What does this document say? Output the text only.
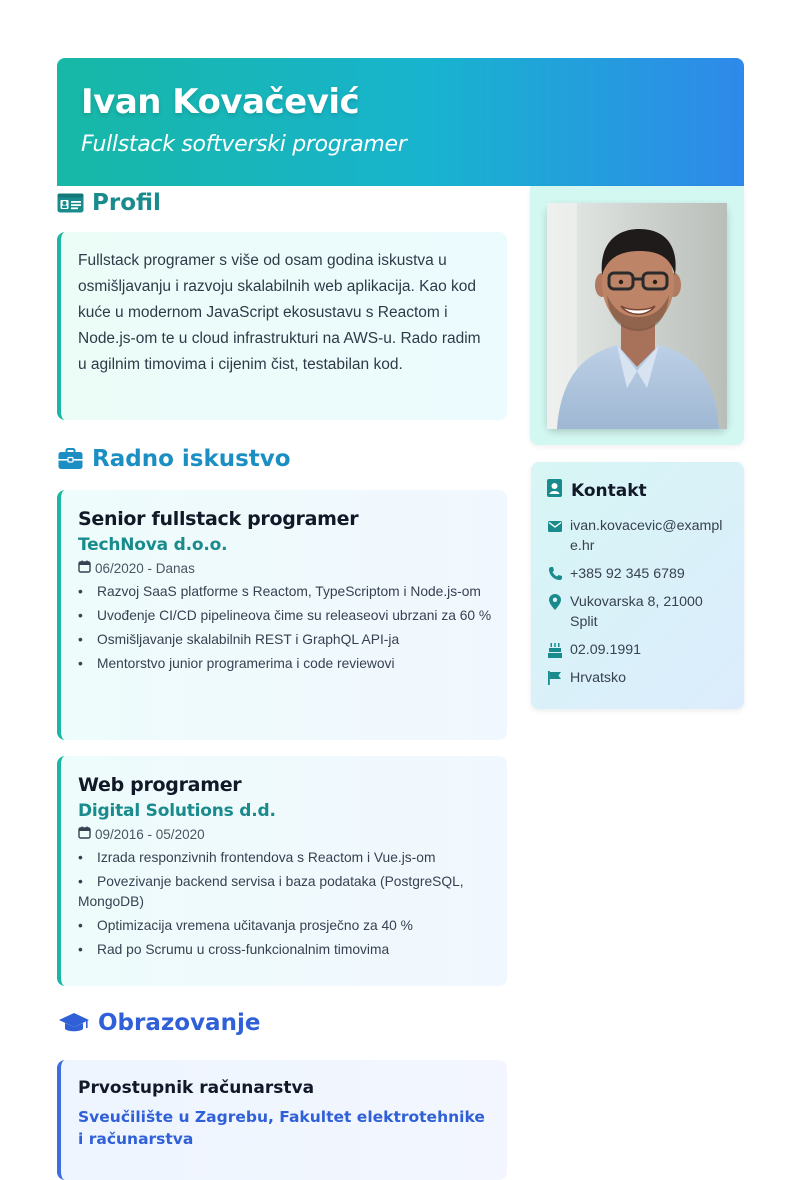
Ivan Kovačević
Fullstack softverski programer
Profil

Fullstack programer s više od osam godina iskustva u osmišljavanju i razvoju skalabilnih web aplikacija. Kao kod kuće u modernom JavaScript ekosustavu s Reactom i Node.js-om te u cloud infrastrukturi na AWS-u. Rado radim u agilnim timovima i cijenim čist, testabilan kod.

Radno iskustvo
Senior fullstack programer
TechNova d.o.o.
06/2020 - Danas
• Razvoj SaaS platforme s Reactom, TypeScriptom i Node.js-om
• Uvođenje CI/CD pipelineova čime su releaseovi ubrzani za 60 %
• Osmišljavanje skalabilnih REST i GraphQL API-ja
• Mentorstvo junior programerima i code reviewovi
Web programer
Digital Solutions d.d.
09/2016 - 05/2020
• Izrada responzivnih frontendova s Reactom i Vue.js-om
• Povezivanje backend servisa i baza podataka (PostgreSQL, MongoDB)
• Optimizacija vremena učitavanja prosječno za 40 %
• Rad po Scrumu u cross-funkcionalnim timovima
Obrazovanje
Prvostupnik računarstva
Sveučilište u Zagrebu, Fakultet elektrotehnike i računarstva
Kontakt
ivan.kovacevic@example.hr
+385 92 345 6789
Vukovarska 8, 21000 Split
02.09.1991
Hrvatsko
